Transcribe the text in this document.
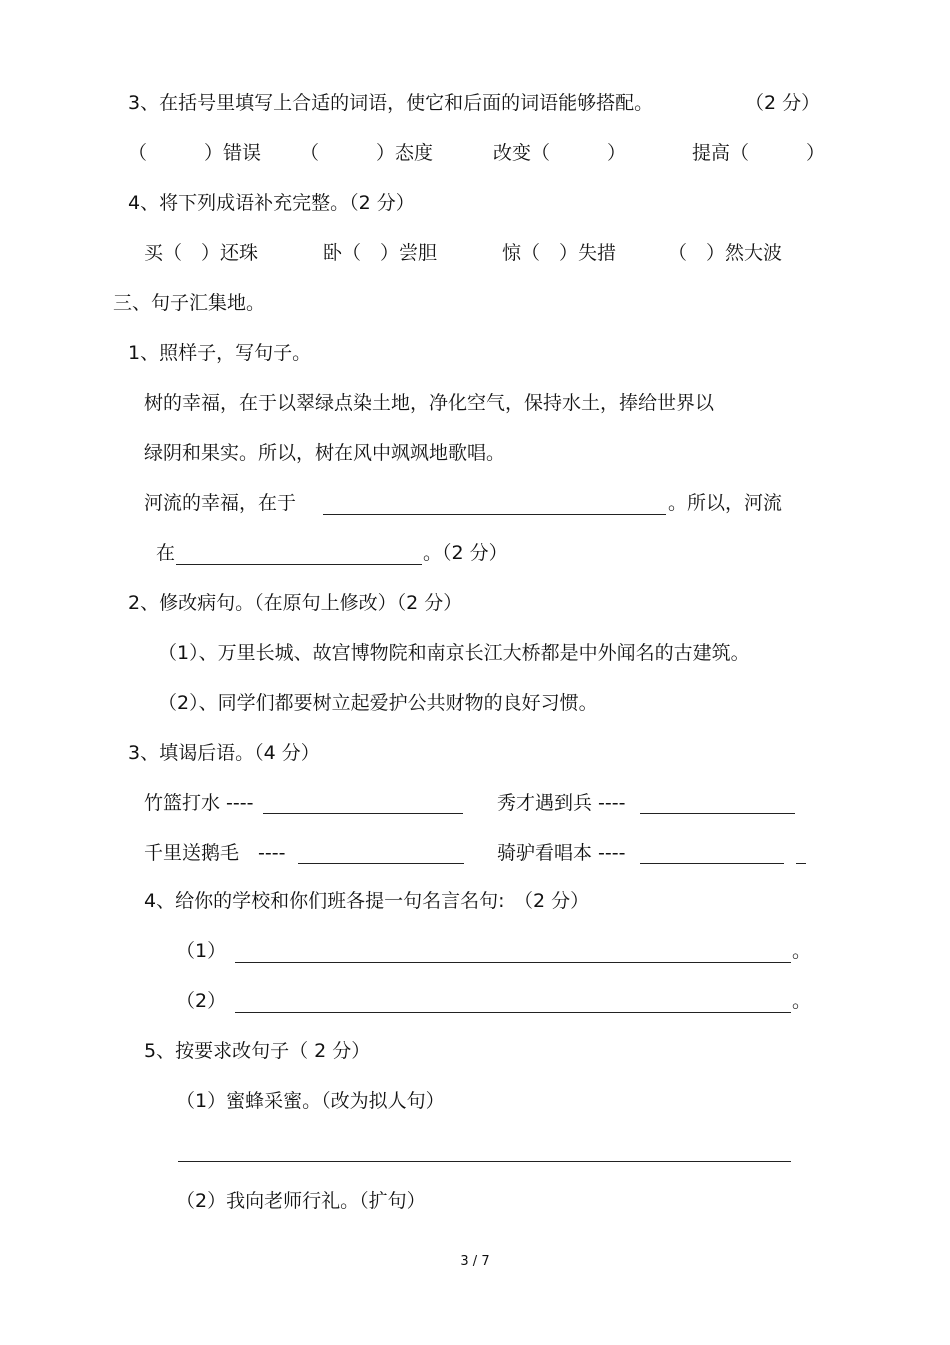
3、在括号里填写上合适的词语，使它和后面的词语能够搭配。	（2 分）
（　　　）错误 （　　　）态度	改变（　　　）	提高（　　　）
4、将下列成语补充完整。（2 分）
买（　）还珠	卧（　）尝胆	惊（　）失措	（　）然大波
三、句子汇集地。
1、照样子，写句子。
树的幸福，在于以翠绿点染土地，净化空气，保持水土，捧给世界以
绿阴和果实。所以，树在风中飒飒地歌唱。
河流的幸福，在于	。所以，河流
在	。（2 分）
2、修改病句。（在原句上修改）（2 分）
（1）、万里长城、故宫博物院和南京长江大桥都是中外闻名的古建筑。
（2）、同学们都要树立起爱护公共财物的良好习惯。
3、填谒后语。（4 分）
竹篮打水 ----	秀才遇到兵 ----
千里送鹅毛　----	骑驴看唱本 ----
4、给你的学校和你们班各提一句名言名句:　（2 分）
（1）	。
（2）	。
5、按要求改句子（ 2 分）
（1）蜜蜂采蜜。（改为拟人句）
（2）我向老师行礼。（扩句）
3 / 7
